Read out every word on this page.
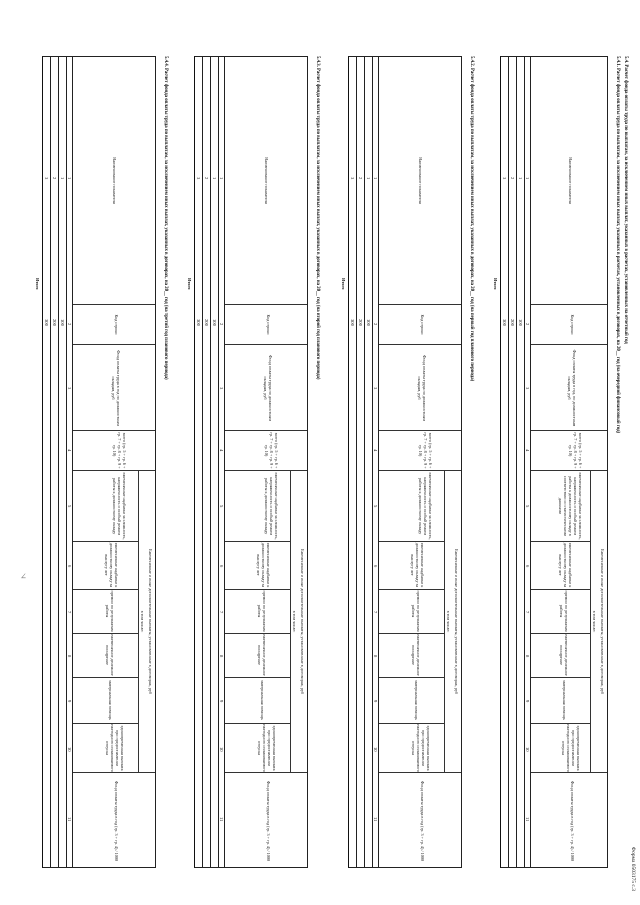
∠
Форма 0503175 с.3
5.4. Расчет фонда оплаты труда по выплатам, за исключением иных выплат, указанных в расчетах, установленных на отчетный год
5.4.1. Расчет фонда оплаты труда по выплатам, за исключением иных выплат, указанных в расчетах, установленных в договорах, на 20__ год (на очередной финансовый год)
Наименование показателя
Код строки
Фонд оплаты труда в год, по должностным окладам, руб
всего (гр. 5 + гр. 6 + гр. 7 + гр. 8 + гр. 9 + гр. 10)
Ежемесячные и иные дополнительные выплаты, установленные в договорах, руб
в том числе:
ежемесячные надбавки за сложность, напряженность и особый режим работы к должностному окладу в соответствии со статистическими данными
ежемесячные надбавки к должностному окладу за выслугу лет
премии по результатам работы
ежемесячное денежное поощрение
материальная помощь
единовременная выплата при предоставлении ежегодного оплачиваемого отпуска
Фонд оплаты труда в год (гр. 3 + гр. 4) / 1000
1
2
3
4
5
6
7
8
9
10
11
1
100
2
200
3
300
Итого
5.4.2. Расчет фонда оплаты труда по выплатам, за исключением иных выплат, указанных в договорах, на 20__ год (на первый год планового периода)
Наименование показателя
Код строки
Фонд оплаты труда по должностным окладам, руб
всего (гр. 5 + гр. 6 + гр. 7 + гр. 8 + гр. 9 + гр. 10)
Ежемесячные и иные дополнительные выплаты, установленные в договорах, руб
в том числе:
ежемесячные надбавки за сложность, напряженность и особый режим работы к должностному окладу
ежемесячные надбавки к должностному окладу за выслугу лет
премии по результатам работы
ежемесячное денежное поощрение
материальная помощь
единовременная выплата при предоставлении ежегодного оплачиваемого отпуска
Фонд оплаты труда в год (гр. 3 + гр. 4) / 1000
1
2
3
4
5
6
7
8
9
10
11
1
100
2
200
3
300
Итого
5.4.3. Расчет фонда оплаты труда по выплатам, за исключением иных выплат, указанных в договорах, на 20__ год (на второй год планового периода)
Наименование показателя
Код строки
Фонд оплаты труда по должностным окладам, руб
всего (гр. 5 + гр. 6 + гр. 7 + гр. 8 + гр. 9 + гр. 10)
Ежемесячные и иные дополнительные выплаты, установленные в договорах, руб
в том числе:
ежемесячные надбавки за сложность, напряженность и особый режим работы к должностному окладу
ежемесячные надбавки к должностному окладу за выслугу лет
премии по результатам работы
ежемесячное денежное поощрение
материальная помощь
единовременная выплата при предоставлении ежегодного оплачиваемого отпуска
Фонд оплаты труда в год (гр. 3 + гр. 4) / 1000
1
2
3
4
5
6
7
8
9
10
11
1
100
2
200
3
300
Итого
5.4.4. Расчет фонда оплаты труда по выплатам, за исключением иных выплат, указанных в договорах, на 20__ год (на третий год планового периода)
Наименование показателя
Код строки
Фонд оплаты труда в год по должностным окладам, руб
всего (гр. 5 + гр. 6 + гр. 7 + гр. 8 + гр. 9 + гр. 10)
Ежемесячные и иные дополнительные выплаты, установленные в договорах, руб
в том числе:
ежемесячные надбавки за сложность, напряженность и особый режим работы к должностному окладу
ежемесячные надбавки к должностному окладу за выслугу лет
премии по результатам работы
ежемесячное денежное поощрение
материальная помощь
единовременная выплата при предоставлении ежегодного оплачиваемого отпуска
Фонд оплаты труда в год (гр. 3 + гр. 4) / 1000
1
2
3
4
5
6
7
8
9
10
11
1
100
2
200
3
300
Итого
